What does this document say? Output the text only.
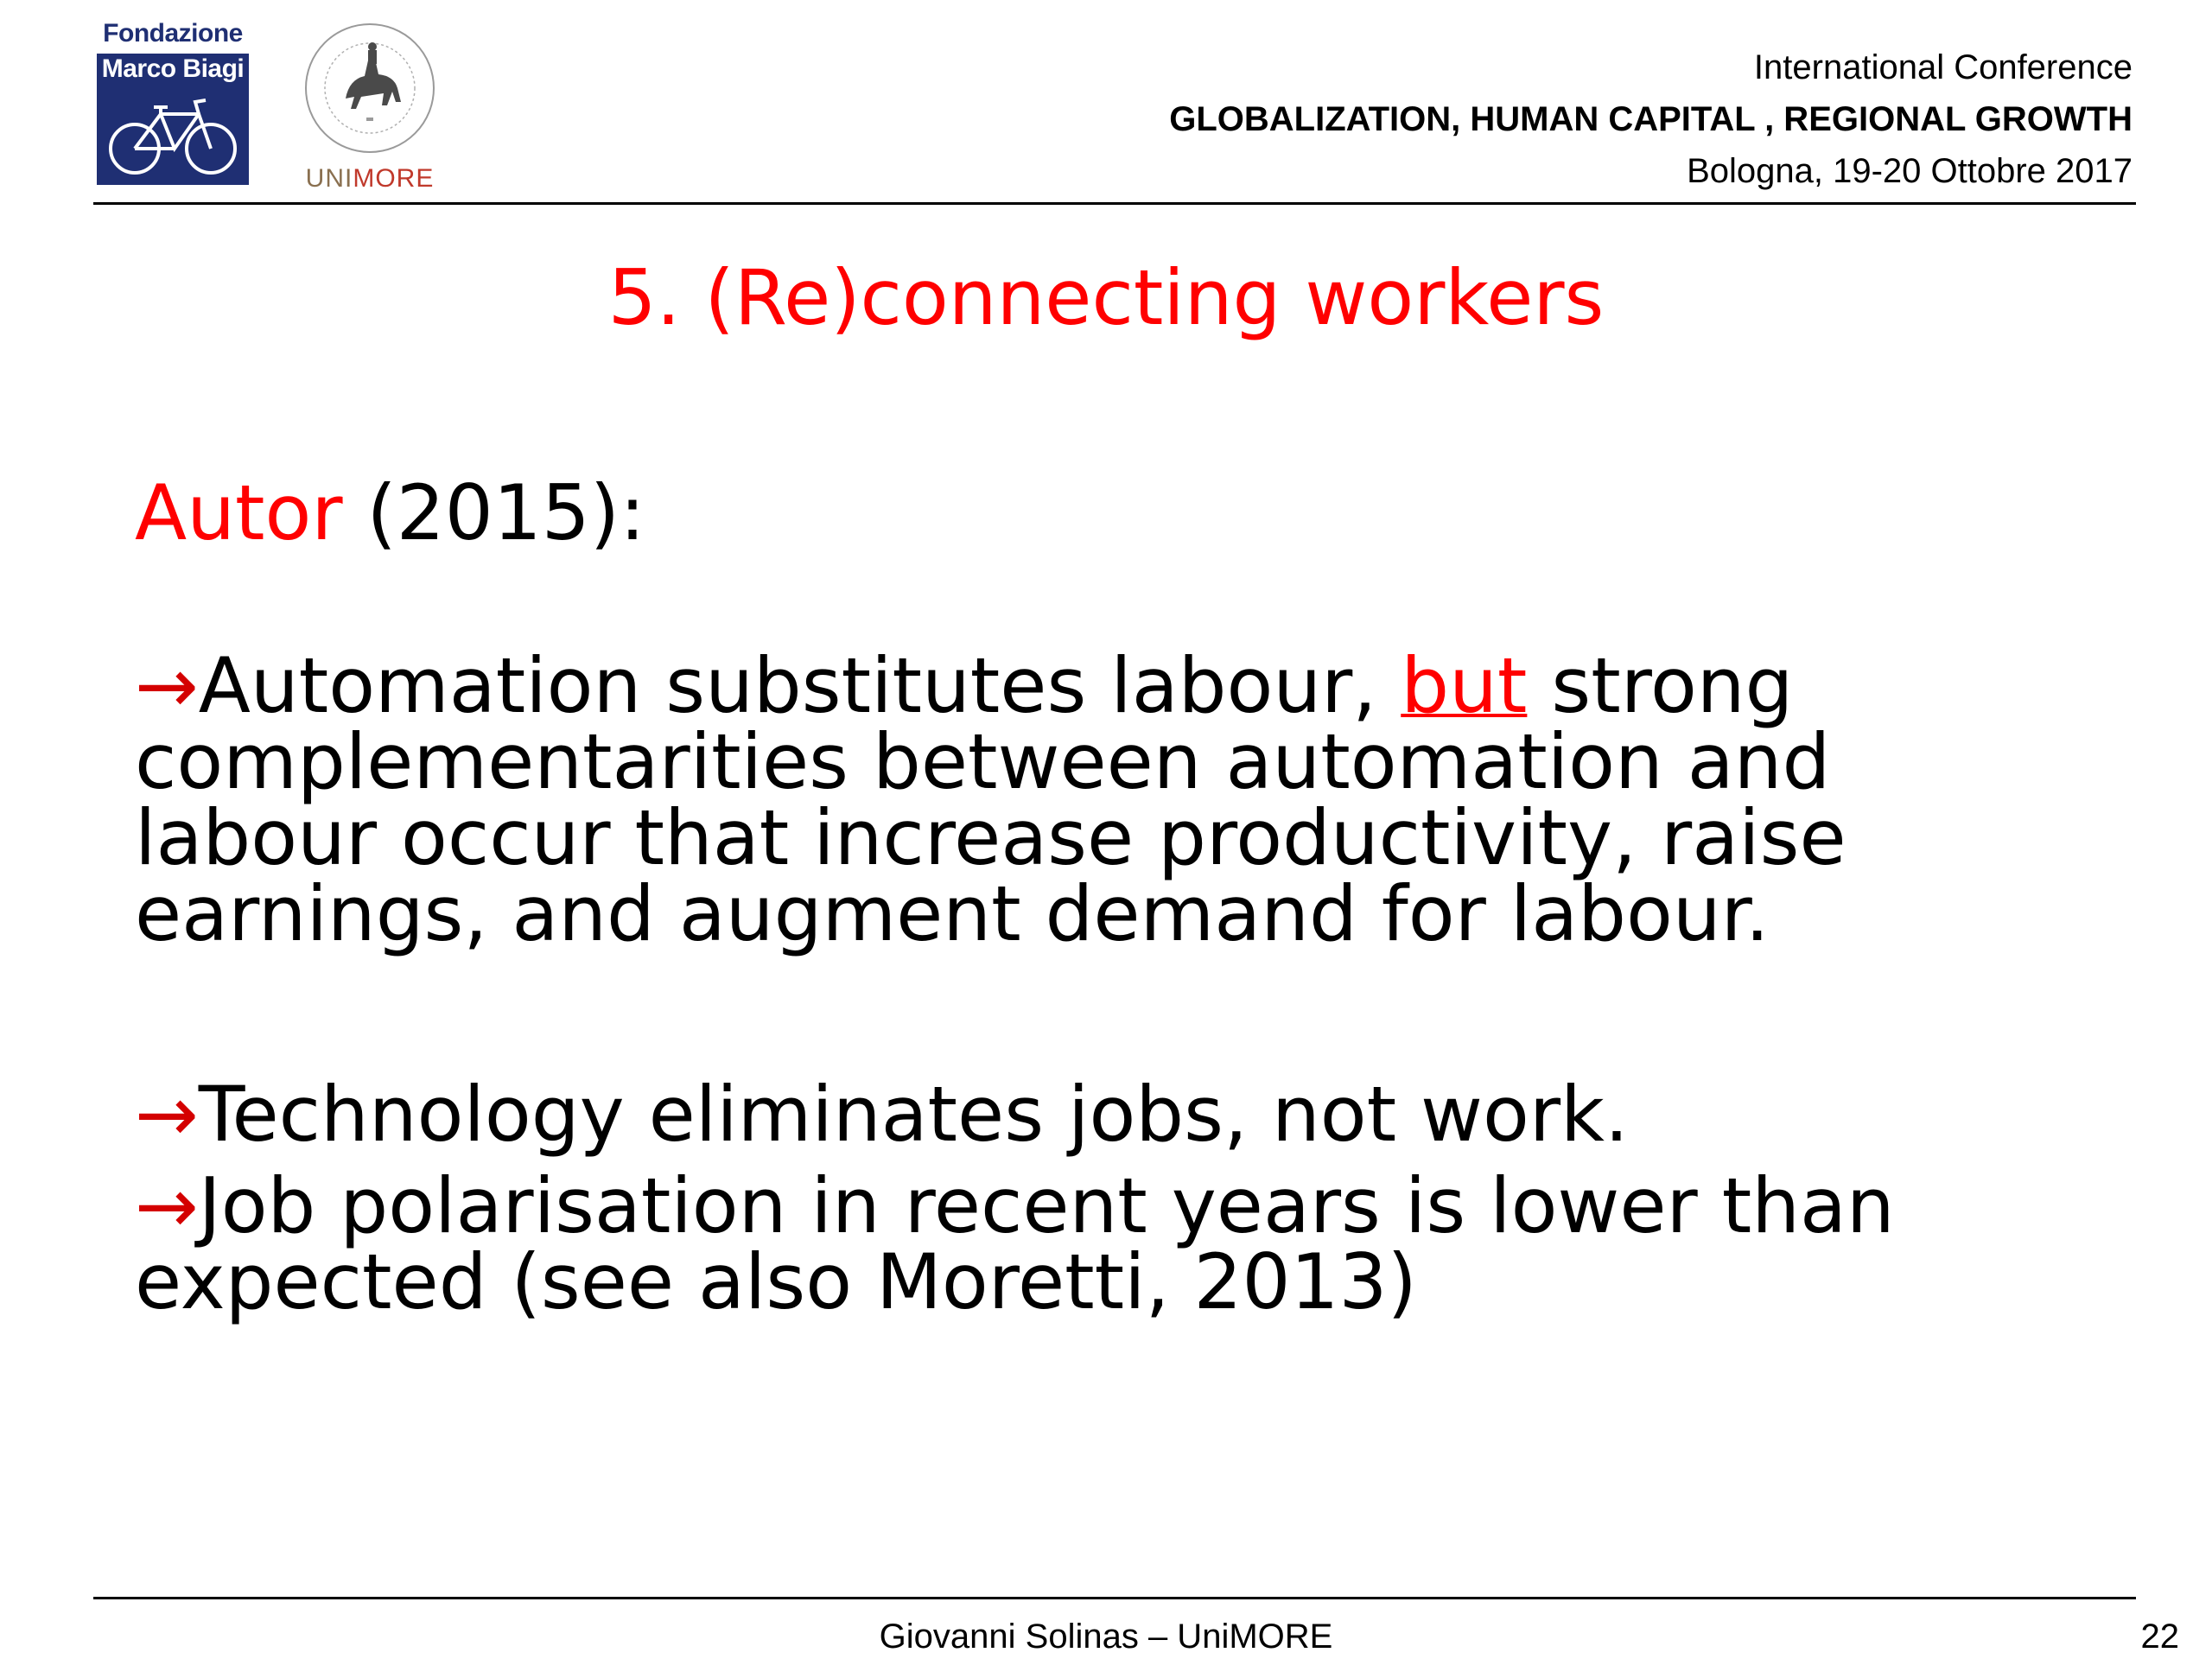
Fondazione

Marco Biagi
UNIMORE
International Conference
GLOBALIZATION, HUMAN CAPITAL , REGIONAL GROWTH
Bologna, 19-20 Ottobre 2017
5. (Re)connecting workers
Autor (2015):
→Automation substitutes labour, but strong
complementarities between automation and
labour occur that increase productivity, raise
earnings, and augment demand for labour.
→Technology eliminates jobs, not work.
→Job polarisation in recent years is lower than
expected (see also Moretti, 2013)
Giovanni Solinas – UniMORE	22
